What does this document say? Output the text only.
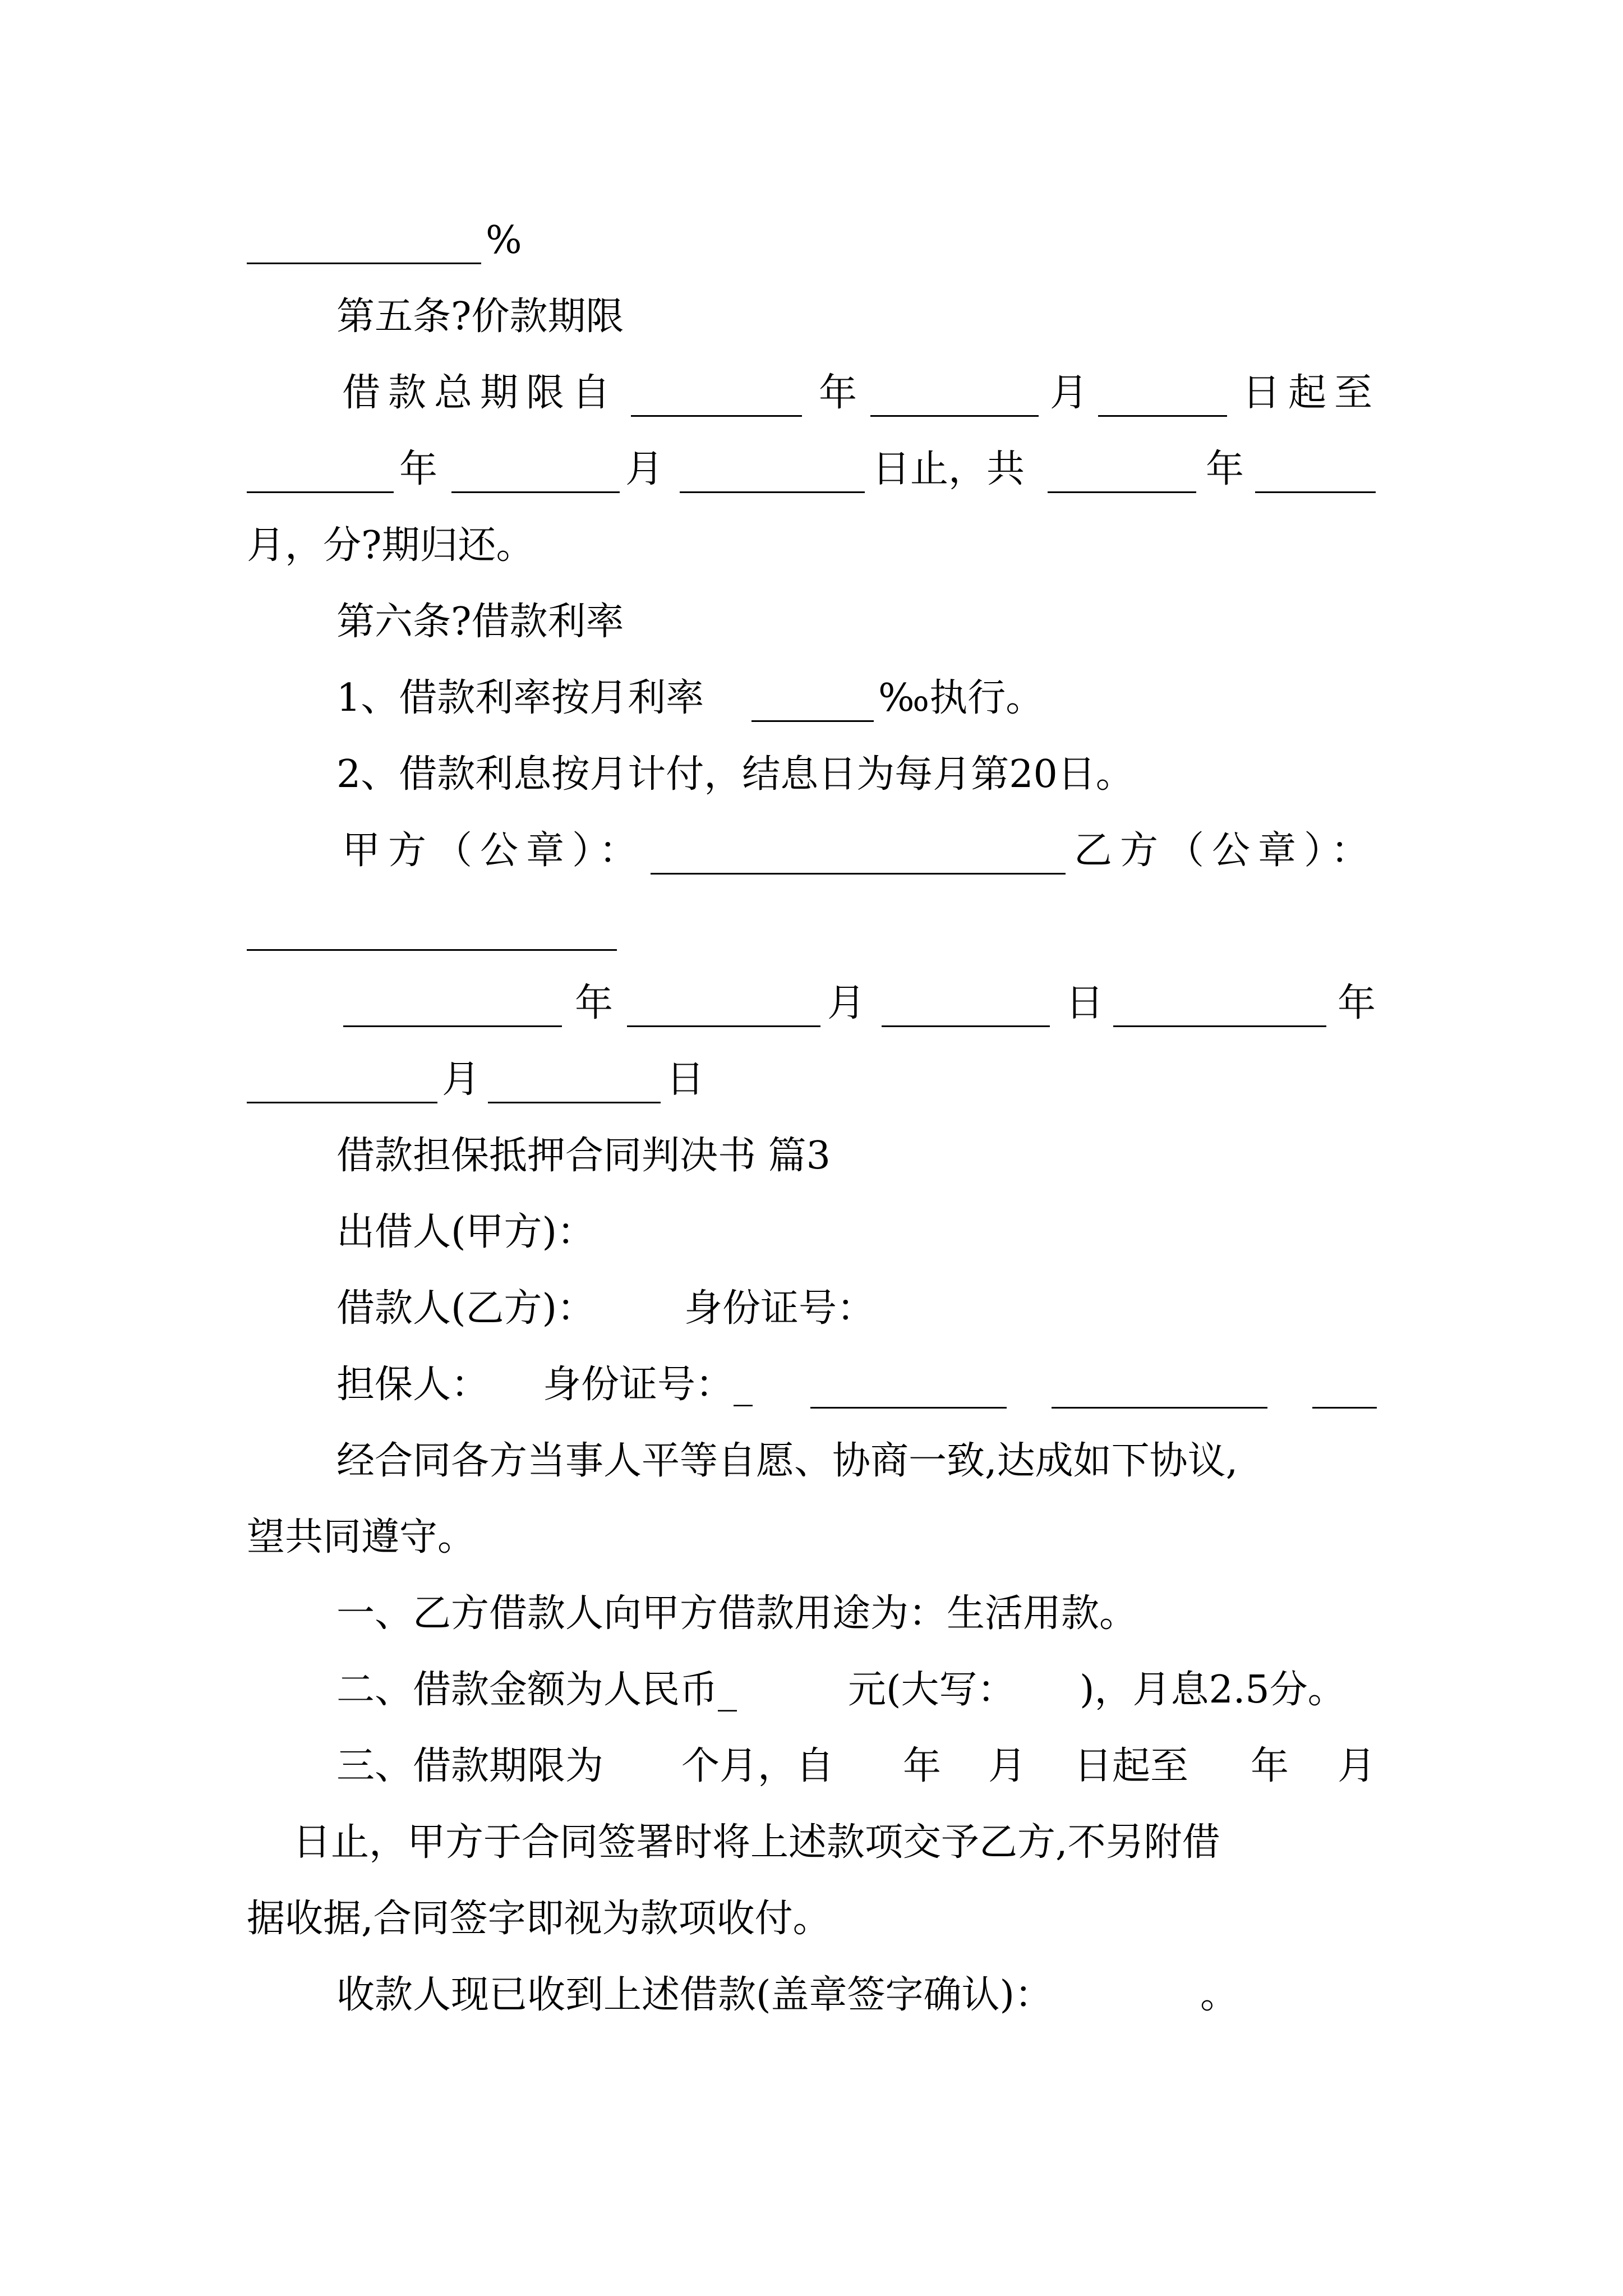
%
第五条?价款期限
借款总期限自	年	月	日起至
年	月	日止，共	年
月，分?期归还。
第六条?借款利率
1、借款利率按月利率	‰执行。
2、借款利息按月计付，结息日为每月第20日。
甲方（公章）：	乙方（公章）：
年	月	日	年
月	日
借款担保抵押合同判决书 篇3
出借人(甲方)：
借款人(乙方)： 身份证号：
担保人： 身份证号：_
经合同各方当事人平等自愿、协商一致,达成如下协议,
望共同遵守。
一、乙方借款人向甲方借款用途为：生活用款。
二、借款金额为人民币_	元(大写： )，月息2.5分。
三、借款期限为 个月，自 年 月 日起至 年 月
日止，甲方于合同签署时将上述款项交予乙方,不另附借
据收据,合同签字即视为款项收付。
收款人现已收到上述借款(盖章签字确认)：	。
